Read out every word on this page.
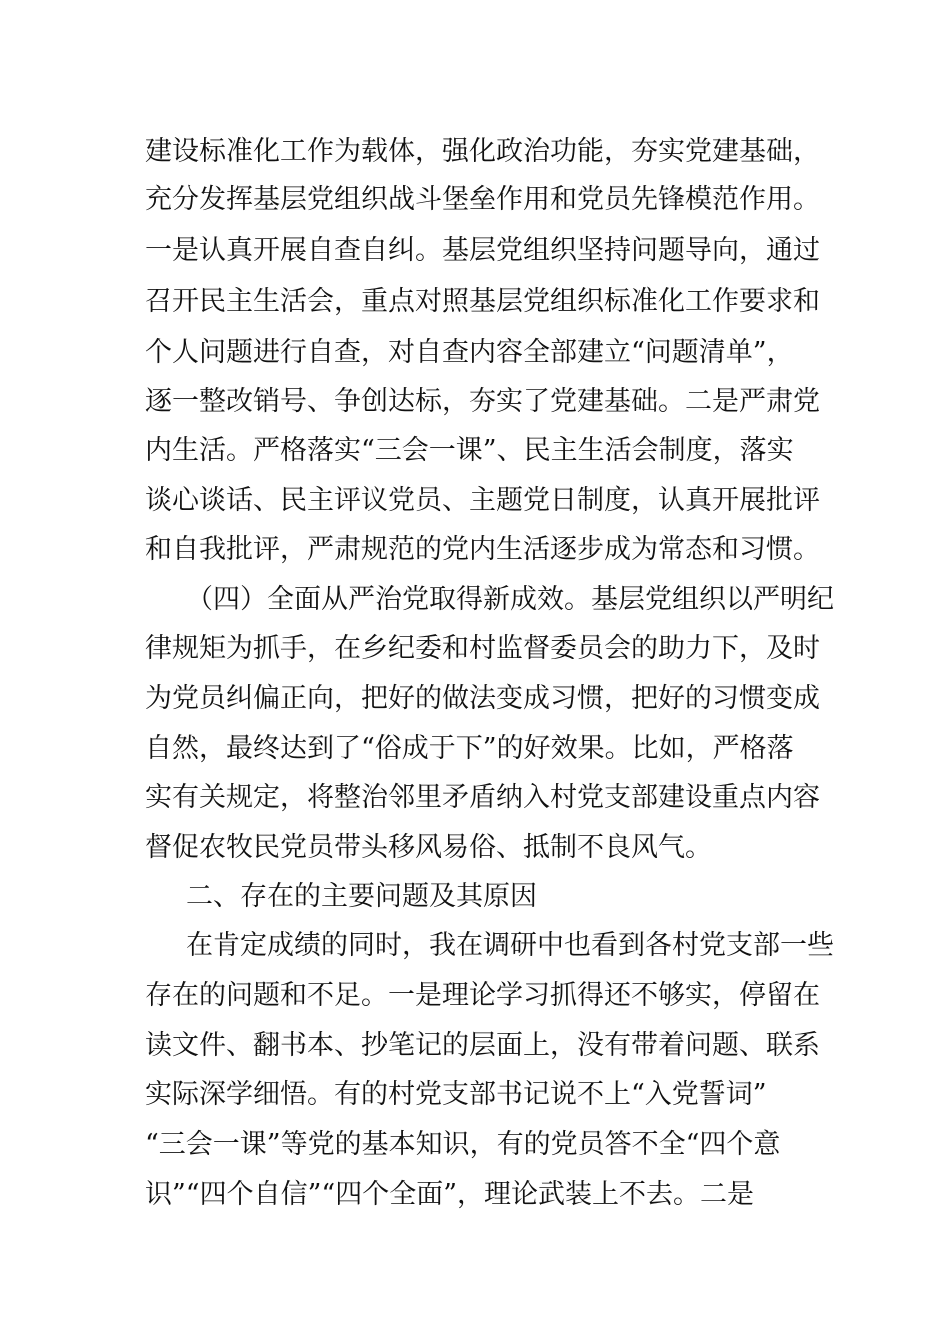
建设标准化工作为载体，强化政治功能，夯实党建基础，
充分发挥基层党组织战斗堡垒作用和党员先锋模范作用。
一是认真开展自查自纠。基层党组织坚持问题导向，通过
召开民主生活会，重点对照基层党组织标准化工作要求和
个人问题进行自查，对自查内容全部建立“问题清单”，
逐一整改销号、争创达标，夯实了党建基础。二是严肃党
内生活。严格落实“三会一课”、民主生活会制度，落实
谈心谈话、民主评议党员、主题党日制度，认真开展批评
和自我批评，严肃规范的党内生活逐步成为常态和习惯。
（四）全面从严治党取得新成效。基层党组织以严明纪
律规矩为抓手，在乡纪委和村监督委员会的助力下，及时
为党员纠偏正向，把好的做法变成习惯，把好的习惯变成
自然，最终达到了“俗成于下”的好效果。比如，严格落
实有关规定，将整治邻里矛盾纳入村党支部建设重点内容
督促农牧民党员带头移风易俗、抵制不良风气。
二、存在的主要问题及其原因
在肯定成绩的同时，我在调研中也看到各村党支部一些
存在的问题和不足。一是理论学习抓得还不够实，停留在
读文件、翻书本、抄笔记的层面上，没有带着问题、联系
实际深学细悟。有的村党支部书记说不上“入党誓词”
“三会一课”等党的基本知识，有的党员答不全“四个意
识”“四个自信”“四个全面”，理论武装上不去。二是
